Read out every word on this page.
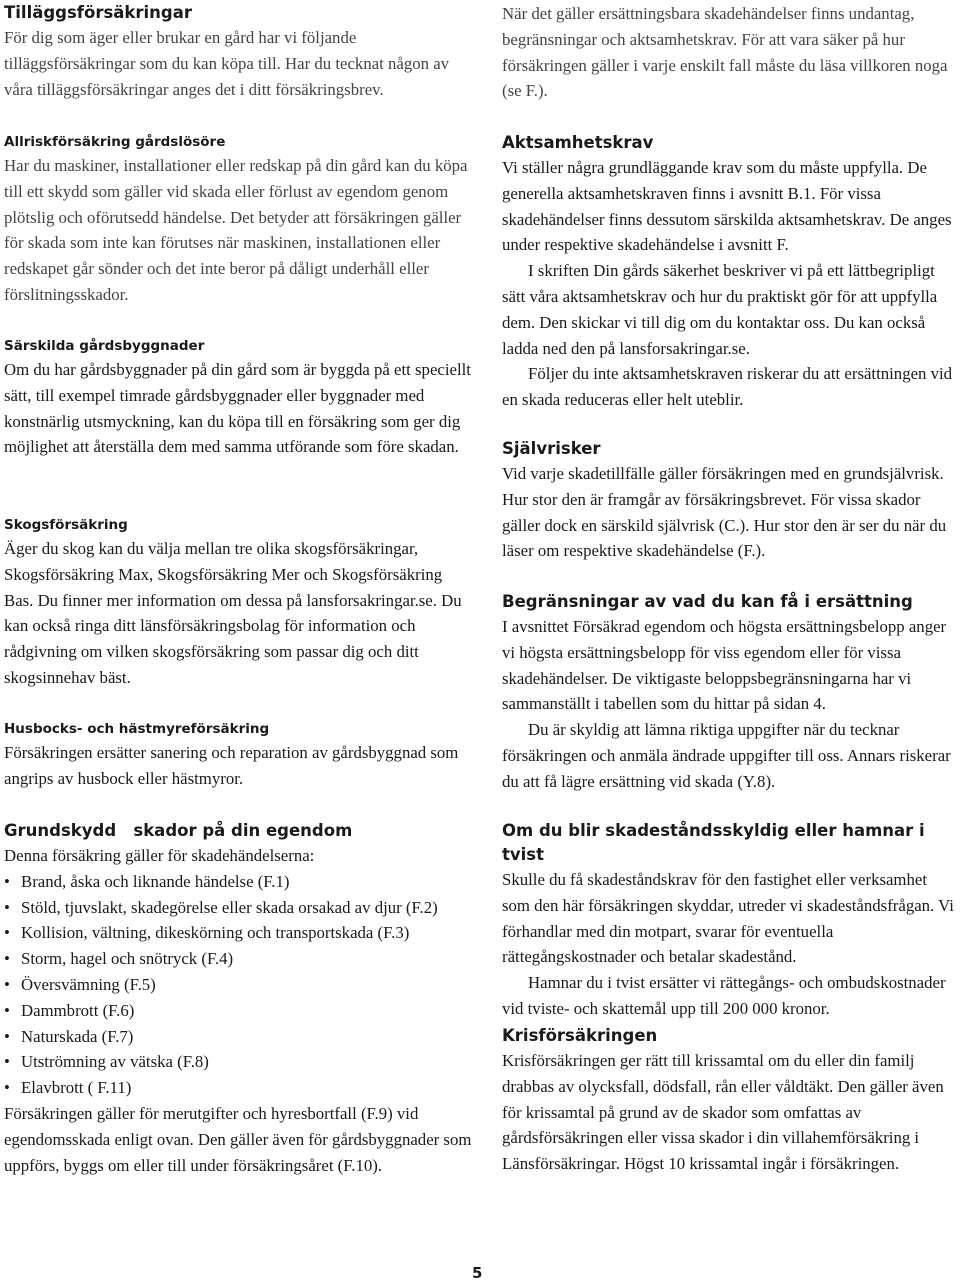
Tilläggsförsäkringar

För dig som äger eller brukar en gård har vi följande tilläggsförsäkringar som du kan köpa till. Har du tecknat någon av våra tilläggsförsäkringar anges det i ditt försäkringsbrev.

Allriskförsäkring gårdslösöre

Har du maskiner, installationer eller redskap på din gård kan du köpa till ett skydd som gäller vid skada eller förlust av egendom genom plötslig och oförutsedd händelse. Det betyder att försäkringen gäller för skada som inte kan förutses när maskinen, installationen eller redskapet går sönder och det inte beror på dåligt underhåll eller förslitningsskador.

Särskilda gårdsbyggnader

Om du har gårdsbyggnader på din gård som är byggda på ett speciellt sätt, till exempel timrade gårdsbyggnader eller byggnader med konstnärlig utsmyckning, kan du köpa till en försäkring som ger dig möjlighet att återställa dem med samma utförande som före skadan.

Skogsförsäkring

Äger du skog kan du välja mellan tre olika skogsförsäkringar, Skogsförsäkring Max, Skogsförsäkring Mer och Skogsförsäkring Bas. Du finner mer information om dessa på lansforsakringar.se. Du kan också ringa ditt länsförsäkringsbolag för information och rådgivning om vilken skogsförsäkring som passar dig och ditt skogsinnehav bäst.

Husbocks- och hästmyreförsäkring

Försäkringen ersätter sanering och reparation av gårdsbyggnad som angrips av husbock eller hästmyror.

Grundskydd   skador på din egendom

Denna försäkring gäller för skadehändelserna:

• Brand, åska och liknande händelse (F.1)
• Stöld, tjuvslakt, skadegörelse eller skada orsakad av djur (F.2)
• Kollision, vältning, dikeskörning och transportskada (F.3)
• Storm, hagel och snötryck (F.4)
• Översvämning (F.5)
• Dammbrott (F.6)
• Naturskada (F.7)
• Utströmning av vätska (F.8)
• Elavbrott ( F.11)

Försäkringen gäller för merutgifter och hyresbortfall (F.9) vid egendomsskada enligt ovan. Den gäller även för gårdsbyggnader som uppförs, byggs om eller till under försäkringsåret (F.10).

När det gäller ersättningsbara skadehändelser finns undantag, begränsningar och aktsamhetskrav. För att vara säker på hur försäkringen gäller i varje enskilt fall måste du läsa villkoren noga (se F.).

Aktsamhetskrav

Vi ställer några grundläggande krav som du måste uppfylla. De generella aktsamhetskraven finns i avsnitt B.1. För vissa skadehändelser finns dessutom särskilda aktsamhetskrav. De anges under respektive skadehändelse i avsnitt F.

I skriften Din gårds säkerhet beskriver vi på ett lättbegripligt sätt våra aktsamhetskrav och hur du praktiskt gör för att uppfylla dem. Den skickar vi till dig om du kontaktar oss. Du kan också ladda ned den på lansforsakringar.se.

Följer du inte aktsamhetskraven riskerar du att ersättningen vid en skada reduceras eller helt uteblir.

Självrisker

Vid varje skadetillfälle gäller försäkringen med en grundsjälvrisk. Hur stor den är framgår av försäkringsbrevet. För vissa skador gäller dock en särskild självrisk (C.). Hur stor den är ser du när du läser om respektive skadehändelse (F.).

Begränsningar av vad du kan få i ersättning

I avsnittet Försäkrad egendom och högsta ersättningsbelopp anger vi högsta ersättningsbelopp för viss egendom eller för vissa skadehändelser. De viktigaste beloppsbegränsningarna har vi sammanställt i tabellen som du hittar på sidan 4.

Du är skyldig att lämna riktiga uppgifter när du tecknar försäkringen och anmäla ändrade uppgifter till oss. Annars riskerar du att få lägre ersättning vid skada (Y.8).

Om du blir skadeståndsskyldig eller hamnar i tvist

Skulle du få skadeståndskrav för den fastighet eller verksamhet som den här försäkringen skyddar, utreder vi skadeståndsfrågan. Vi förhandlar med din motpart, svarar för eventuella rättegångskostnader och betalar skadestånd.

Hamnar du i tvist ersätter vi rättegångs- och ombudskostnader vid tviste- och skattemål upp till 200 000 kronor.

Krisförsäkringen

Krisförsäkringen ger rätt till krissamtal om du eller din familj drabbas av olycksfall, dödsfall, rån eller våldtäkt. Den gäller även för krissamtal på grund av de skador som omfattas av gårdsförsäkringen eller vissa skador i din villahemförsäkring i Länsförsäkringar. Högst 10 krissamtal ingår i försäkringen.

5
